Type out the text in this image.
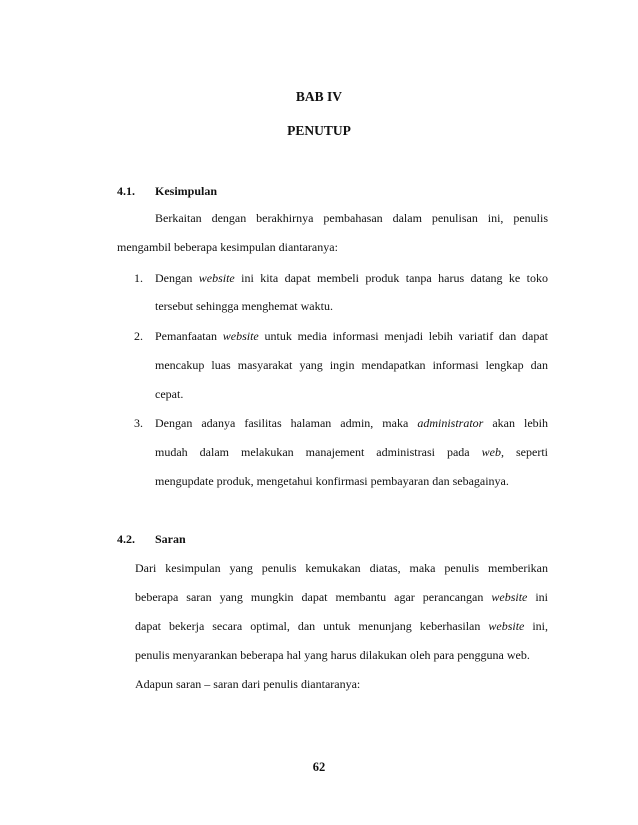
BAB IV
PENUTUP
4.1. Kesimpulan
Berkaitan dengan berakhirnya pembahasan dalam penulisan ini, penulis
mengambil beberapa kesimpulan diantaranya:
1. Dengan website ini kita dapat membeli produk tanpa harus datang ke toko
tersebut sehingga menghemat waktu.
2. Pemanfaatan website untuk media informasi menjadi lebih variatif dan dapat
mencakup luas masyarakat yang ingin mendapatkan informasi lengkap dan
cepat.
3. Dengan adanya fasilitas halaman admin, maka administrator akan lebih
mudah dalam melakukan manajement administrasi pada web, seperti
mengupdate produk, mengetahui konfirmasi pembayaran dan sebagainya.
4.2. Saran
Dari kesimpulan yang penulis kemukakan diatas, maka penulis memberikan
beberapa saran yang mungkin dapat membantu agar perancangan website ini
dapat bekerja secara optimal, dan untuk menunjang keberhasilan website ini,
penulis menyarankan beberapa hal yang harus dilakukan oleh para pengguna web.
Adapun saran – saran dari penulis diantaranya:
62
